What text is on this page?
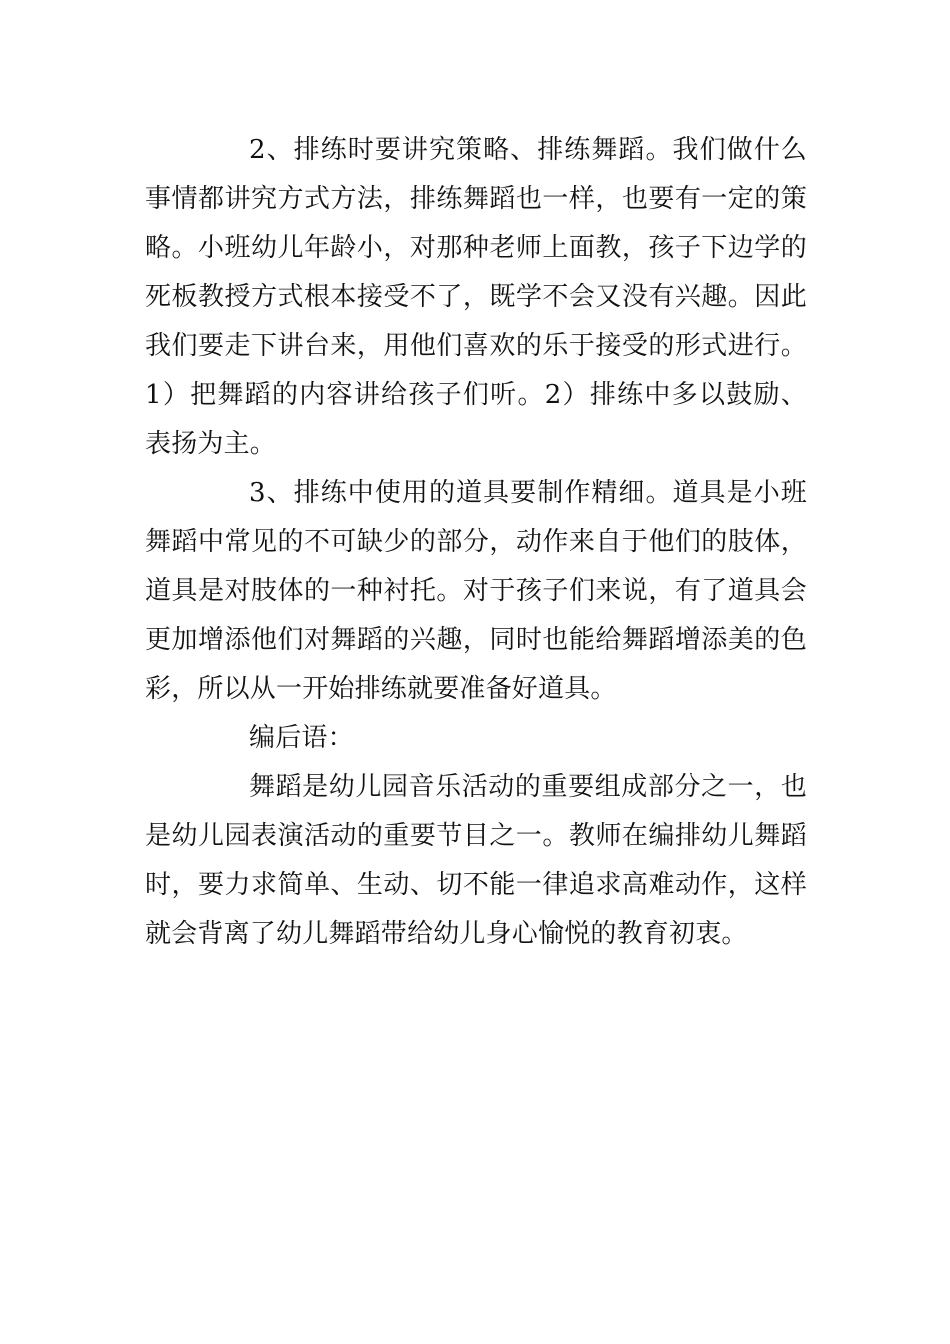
2、排练时要讲究策略、排练舞蹈。我们做什么事情都讲究方式方法，排练舞蹈也一样，也要有一定的策略。小班幼儿年龄小，对那种老师上面教，孩子下边学的死板教授方式根本接受不了，既学不会又没有兴趣。因此我们要走下讲台来，用他们喜欢的乐于接受的形式进行。1）把舞蹈的内容讲给孩子们听。2）排练中多以鼓励、表扬为主。

3、排练中使用的道具要制作精细。道具是小班舞蹈中常见的不可缺少的部分，动作来自于他们的肢体，道具是对肢体的一种衬托。对于孩子们来说，有了道具会更加增添他们对舞蹈的兴趣，同时也能给舞蹈增添美的色彩，所以从一开始排练就要准备好道具。

编后语：

舞蹈是幼儿园音乐活动的重要组成部分之一，也是幼儿园表演活动的重要节目之一。教师在编排幼儿舞蹈时，要力求简单、生动、切不能一律追求高难动作，这样就会背离了幼儿舞蹈带给幼儿身心愉悦的教育初衷。
